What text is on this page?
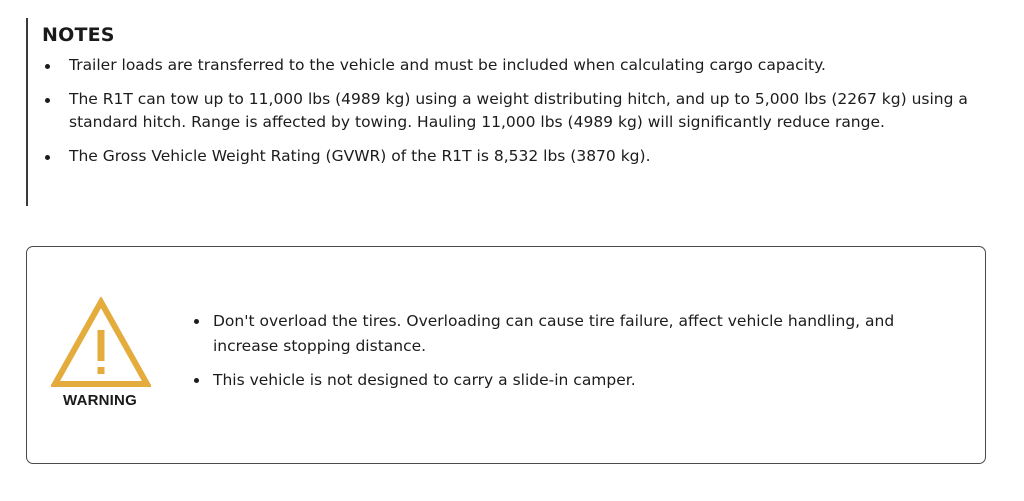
NOTES
Trailer loads are transferred to the vehicle and must be included when calculating cargo capacity.
The R1T can tow up to 11,000 lbs (4989 kg) using a weight distributing hitch, and up to 5,000 lbs (2267 kg) using a standard hitch. Range is affected by towing. Hauling 11,000 lbs (4989 kg) will significantly reduce range.
The Gross Vehicle Weight Rating (GVWR) of the R1T is 8,532 lbs (3870 kg).

WARNING

Don't overload the tires. Overloading can cause tire failure, affect vehicle handling, and increase stopping distance.
This vehicle is not designed to carry a slide-in camper.
